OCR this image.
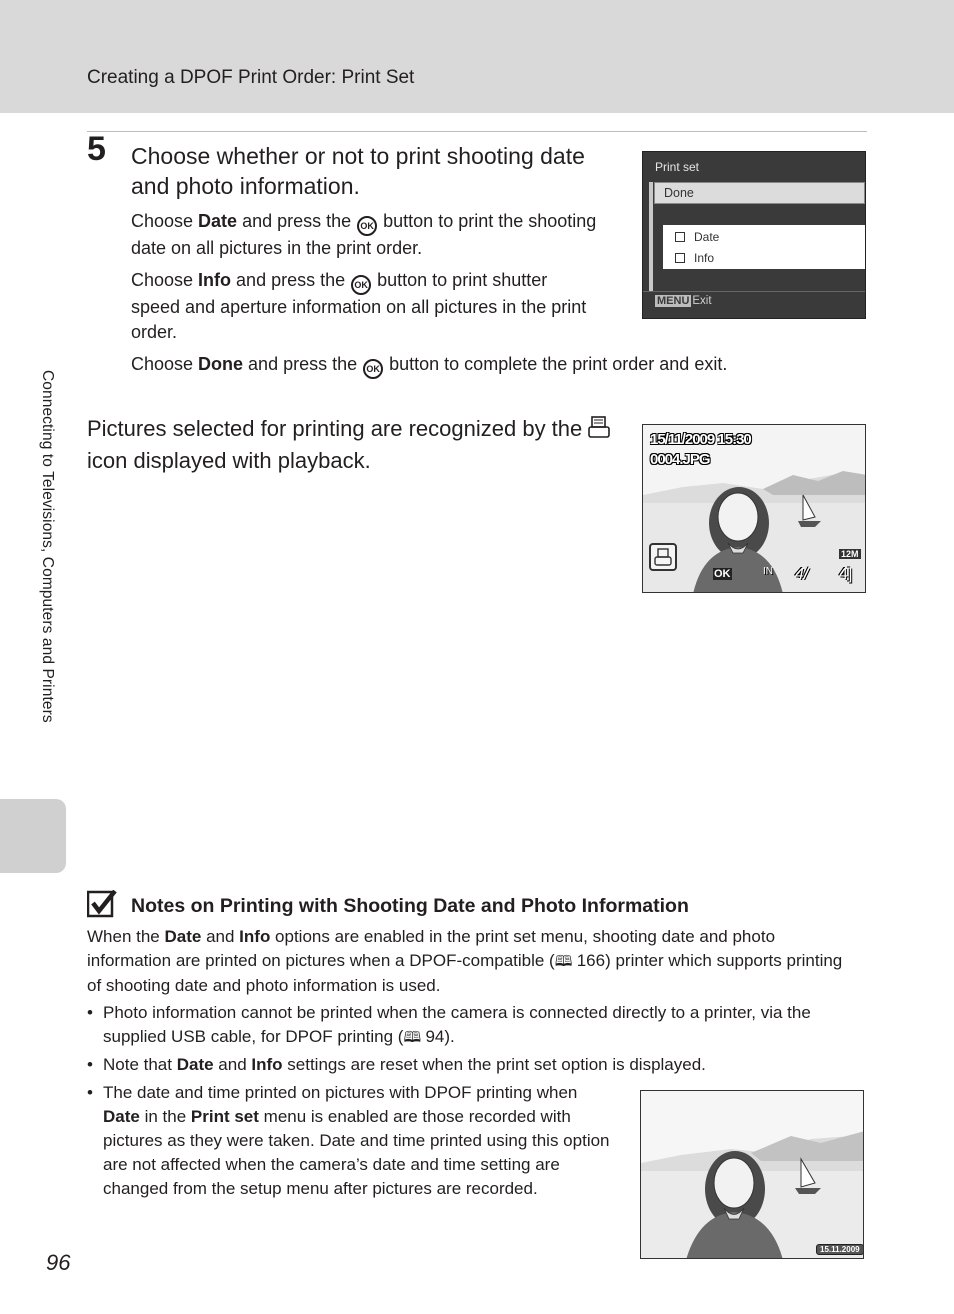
Creating a DPOF Print Order: Print Set
Connecting to Televisions, Computers and Printers
5 Choose whether or not to print shooting date and photo information.
Choose Date and press the OK button to print the shooting date on all pictures in the print order.
Choose Info and press the OK button to print shutter speed and aperture information on all pictures in the print order.
Choose Done and press the OK button to complete the print order and exit.
Print set
Done
Date
Info
MENU Exit
Pictures selected for printing are recognized by the  icon displayed with playback.
15/11/2009 15:30
0004.JPG
OK	IN
12M
4/ 4]
Notes on Printing with Shooting Date and Photo Information
When the Date and Info options are enabled in the print set menu, shooting date and photo information are printed on pictures when a DPOF-compatible (🕮 166) printer which supports printing of shooting date and photo information is used.
• Photo information cannot be printed when the camera is connected directly to a printer, via the supplied USB cable, for DPOF printing (🕮 94).
• Note that Date and Info settings are reset when the print set option is displayed.
• The date and time printed on pictures with DPOF printing when Date in the Print set menu is enabled are those recorded with pictures as they were taken. Date and time printed using this option are not affected when the camera’s date and time setting are changed from the setup menu after pictures are recorded.
15.11.2009
96
